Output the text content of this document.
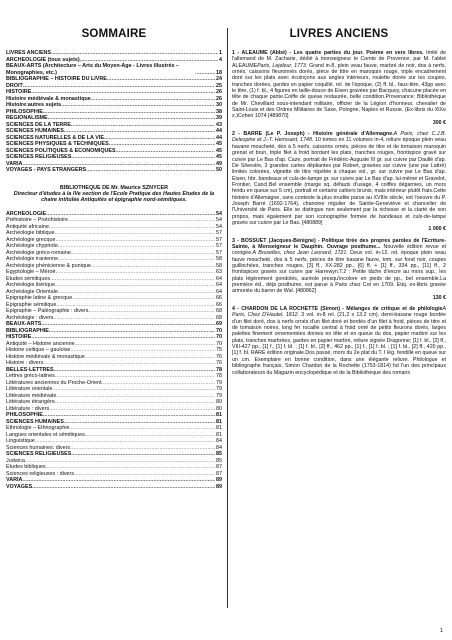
SOMMAIRE
LIVRES ANCIENS .....	1
ARCHEOLOGIE (tous sujets) .....	4
BEAUX-ARTS (Architecture – Arts du Moyen-Age - Livres illustrés – Monographies, etc.) .....	18
BIBLIOGRAPHIE – HISTOIRE DU LIVRE .....	24
DROIT .....	25
HISTOIRE .....	26
Histoire médiévale & monastique .....	26
Histoire:autres sujets .....	30
PHILOSOPHIE .....	38
REGIONALISME .....	39
SCIENCES DE LA TERRE .....	43
SCIENCES HUMAINES .....	44
SCIENCES NATURELLES & DE LA VIE .....	44
SCIENCES PHYSIQUES & TECHNIQUES .....	45
SCIENCES POLITIQUES & ECONOMIQUES .....	45
SCIENCES RELIGIEUSES .....	45
VARIA .....	49
VOYAGES - PAYS ETRANGERS .....	50
BIBLIOTHEQUE DE Mr. Maurice SZNYCER
Directeur d'études à la IVe section de l'Ecole Pratique des Hautes Etudes de la chaire intitulée Antiquités et épigraphie nord-sémitiques.
ARCHEOLOGIE .....	54
Préhistoire – Protohistoire .....	54
Antiquité africaine .....	54
Archéologie biblique .....	57
Archéologie grecque .....	57
Archéologie chypriote .....	57
Archéologie gréco-romaine .....	57
Archéologie iranienne .....	58
Archéologie phénicienne & punique .....	58
Egyptologie – Méroé .....	63
Etudes sémitiques .....	64
Archéologie ibérique .....	64
Archéologie Orientale .....	64
Epigraphie latine & grecque .....	66
Epigraphie sémitique .....	66
Epigraphie – Paléographie : divers .....	68
Archéologie : divers .....	68
BEAUX-ARTS .....	69
BIBLIOGRAPHIE .....	70
HISTOIRE .....	70
Antiquité – Histoire ancienne .....	70
Histoire celtique – gauloise .....	75
Histoire médiévale & monastique .....	76
Histoire : divers .....	76
BELLES-LETTRES .....	78
Lettres gréco-latines .....	78
Littératures anciennes du Proche-Orient .....	79
Littérature orientale .....	79
Littérature médiévale .....	79
Littérature étrangère .....	80
Littérature : divers .....	80
PHILOSOPHIE .....	81
SCIENCES HUMAINES .....	81
Ethnologie – Ethnographie .....	81
Langues orientales et sémitiques .....	81
Linguistique .....	84
Sciences humaines: divers .....	84
SCIENCES RELIGIEUSES .....	85
Judaïca .....	85
Etudes bibliques .....	87
Sciences religieuses : divers .....	87
VARIA .....	89
VOYAGES .....	89
LIVRES ANCIENS
1 - ALEAUME (Abbé) - Les quatre parties du jour. Poème en vers libres. Imité de l'allemand de M. Zacharie, dédié à monseigneur le Comte de Provence, par M. l'abbé ALEAUMEParis, Lejeleur, 1773. Grand in-8, plein veau fauve, marbré de noir, dos à nerfs, ornés, caissons fleuronnés dorés, pièce de titre en maroquin rouge, triple encadrement doré sur les plats avec écoinçons aux angles intérieurs, roulette dorée sur les coupes, tranches dorées, gardes en papier coquillé. rel. de l'époque, (2) ff. bl., faux-titre, 43pp avec le titre, (1) f. bl., 4 figures en taille-douce de Eisen gravées par Bacquoy, chacune placée en tête de chaque partie.Coiffe de queue restaurée, belle condition.Provenance: Bibliothèque de Mr. Chevillard sous-intendant militaire, officier de la Légion d'honneur, chevalier de Saint-Louis et des Ordres Militaires de Saxe, Pologne, Naples et Russie. (Ex-libris du XIXe s.)Cohen 1074 [489870]
300 €
2 - BARRE (Le P. Joseph) - Histoire générale d'Allemagne.A Paris, chez C.J.B. Delespine et J.-T. Herissant, 1748. 10 tomes en 11 volumes in-4, reliure époque plein veau havane moucheté, dos à 5 nerfs, caissons ornés, pièces de titre et de tomaison maroquin grenat et brun, triple filet à froid bordant les plats, tranches rouges, frontispice gravé sur cuivre par Le Bas d'ap. Caze, portrait de Frédéric-Auguste III gr. sur cuivre par Daullé d'ap. De Silvestre, 3 grandes cartes dépliantes par Robert, gravées sur cuivre (une par Lattré) limites colorées, vignette de titre répétée à chaque vol., gr. sur cuivre par Le Bas d'ap. Eisen, hbr. bandeaux et culs-de-lampe gr. sur cuivre par Le Bas d'ap. lui-même et Gravelot, Frontier, Cancl.Bel ensemble (marge sq. défauts d'usage, 4 coiffes dégarnies, un mors fendu en queue sur 5 cm), portrait et certains cahiers brunis, mais intérieur plutôt frais.Cette histoire d'Allemagne, sans conteste la plus érudite parue au XVIIIe siècle, est l'oeuvre du P. Joseph Barré (1692-1764), chanoine régulier de Sainte-Geneviève et chancelier de l'Université de Paris. Elle se distingue non seulement par la richesse et la clarté de son propos, mais également par son iconographie formée de bandeaux et culs-de-lampe gravés sur cuivre par Le Bas. [480889]
1 000 €
3 - BOSSUET (Jacques-Bénigne) - Politique tirée des propres paroles de l'Ecriture-Sainte, à Monseigneur le Dauphin. Ouvrage posthume... Nouvelle édition revue et corrigée.A Bruxelles, chez Jean Leonard, 1721. Deux vol. in-12, rel. époque plein veau fauve moucheté, dos à 5 nerfs, pièces de titre basane fauve, tom. sur fond noir, coupes guillochées, tranches rouges, [3] ff., XX-282 pp., [6] ff. + [1] ff., 334 pp., [11] ff., 2 frontispices gravés sur cuivre par Harrewyn.T.2 : Petite tâche d'encre au mors sup., les plats légèrement gondolés, auréole presqu'incolore en pieds de pp., bel ensemble.La première éd., déjà posthume, est parue à Paris chez Cot en 1709. Etiq. ex-libris gravée armoriée du baron de Wal. [480862]
130 €
4 - CHARDON DE LA ROCHETTE (Simon) - Mélanges de critique et de philologieA Paris, Chez D'Hautel, 1812. 3 vol. in-8 rel. (21,2 x 13,2 cm), demi-basane rouge bordée d'un filet doré, dos à nerfs ornés d'un filet doré et bordés d'un filet à froid, pièces de titre et de tomaison noires, long fer rocaille central à froid orné de petits fleurons dorés, larges palettes finement ornementées dorées en tête et en queue du dos, papier marbré sur les plats, tranches marbrées, gardes en papier marbré, reliure signée Dragonne; [1] f. bl., [2] ff., VIII-427 pp., [1] f., [1] f. bl. ; [1] f. bl., [2] ff., 462 pp., [1] f., [1] f. bl. ; [1] f. bl., [2] ff., 420 pp., [1] f. bl. RARE édition originale.Dos passé, mors du 2e plat du T. I lég. fendillé en queue sur un cm. Exemplaire en bonne condition, dans une élégante reliure. Philologue et bibliographe français, Simon Chardon de la Rochette (1753-1814) fut l'un des principaux collaborateurs du Magazin encyclopédique et de la Bibliothèque des romans
1
